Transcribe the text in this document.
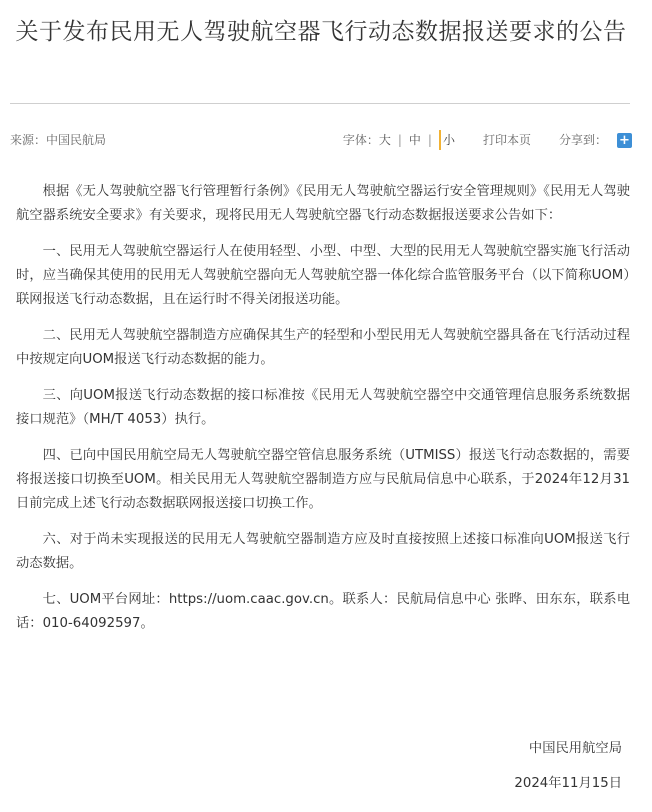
关于发布民用无人驾驶航空器飞行动态数据报送要求的公告
来源：中国民航局	字体： 大 | 中 | 小 打印本页 分享到： +

根据《无人驾驶航空器飞行管理暂行条例》《民用无人驾驶航空器运行安全管理规则》《民用无人驾驶航空器系统安全要求》有关要求，现将民用无人驾驶航空器飞行动态数据报送要求公告如下：

一、民用无人驾驶航空器运行人在使用轻型、小型、中型、大型的民用无人驾驶航空器实施飞行活动时，应当确保其使用的民用无人驾驶航空器向无人驾驶航空器一体化综合监管服务平台（以下简称UOM）联网报送飞行动态数据，且在运行时不得关闭报送功能。

二、民用无人驾驶航空器制造方应确保其生产的轻型和小型民用无人驾驶航空器具备在飞行活动过程中按规定向UOM报送飞行动态数据的能力。

三、向UOM报送飞行动态数据的接口标准按《民用无人驾驶航空器空中交通管理信息服务系统数据接口规范》（MH/T 4053）执行。

四、已向中国民用航空局无人驾驶航空器空管信息服务系统（UTMISS）报送飞行动态数据的，需要将报送接口切换至UOM。相关民用无人驾驶航空器制造方应与民航局信息中心联系，于2024年12月31日前完成上述飞行动态数据联网报送接口切换工作。

六、对于尚未实现报送的民用无人驾驶航空器制造方应及时直接按照上述接口标准向UOM报送飞行动态数据。

七、UOM平台网址：https://uom.caac.gov.cn。联系人：民航局信息中心 张晔、田东东，联系电话：010-64092597。

中国民用航空局
2024年11月15日
